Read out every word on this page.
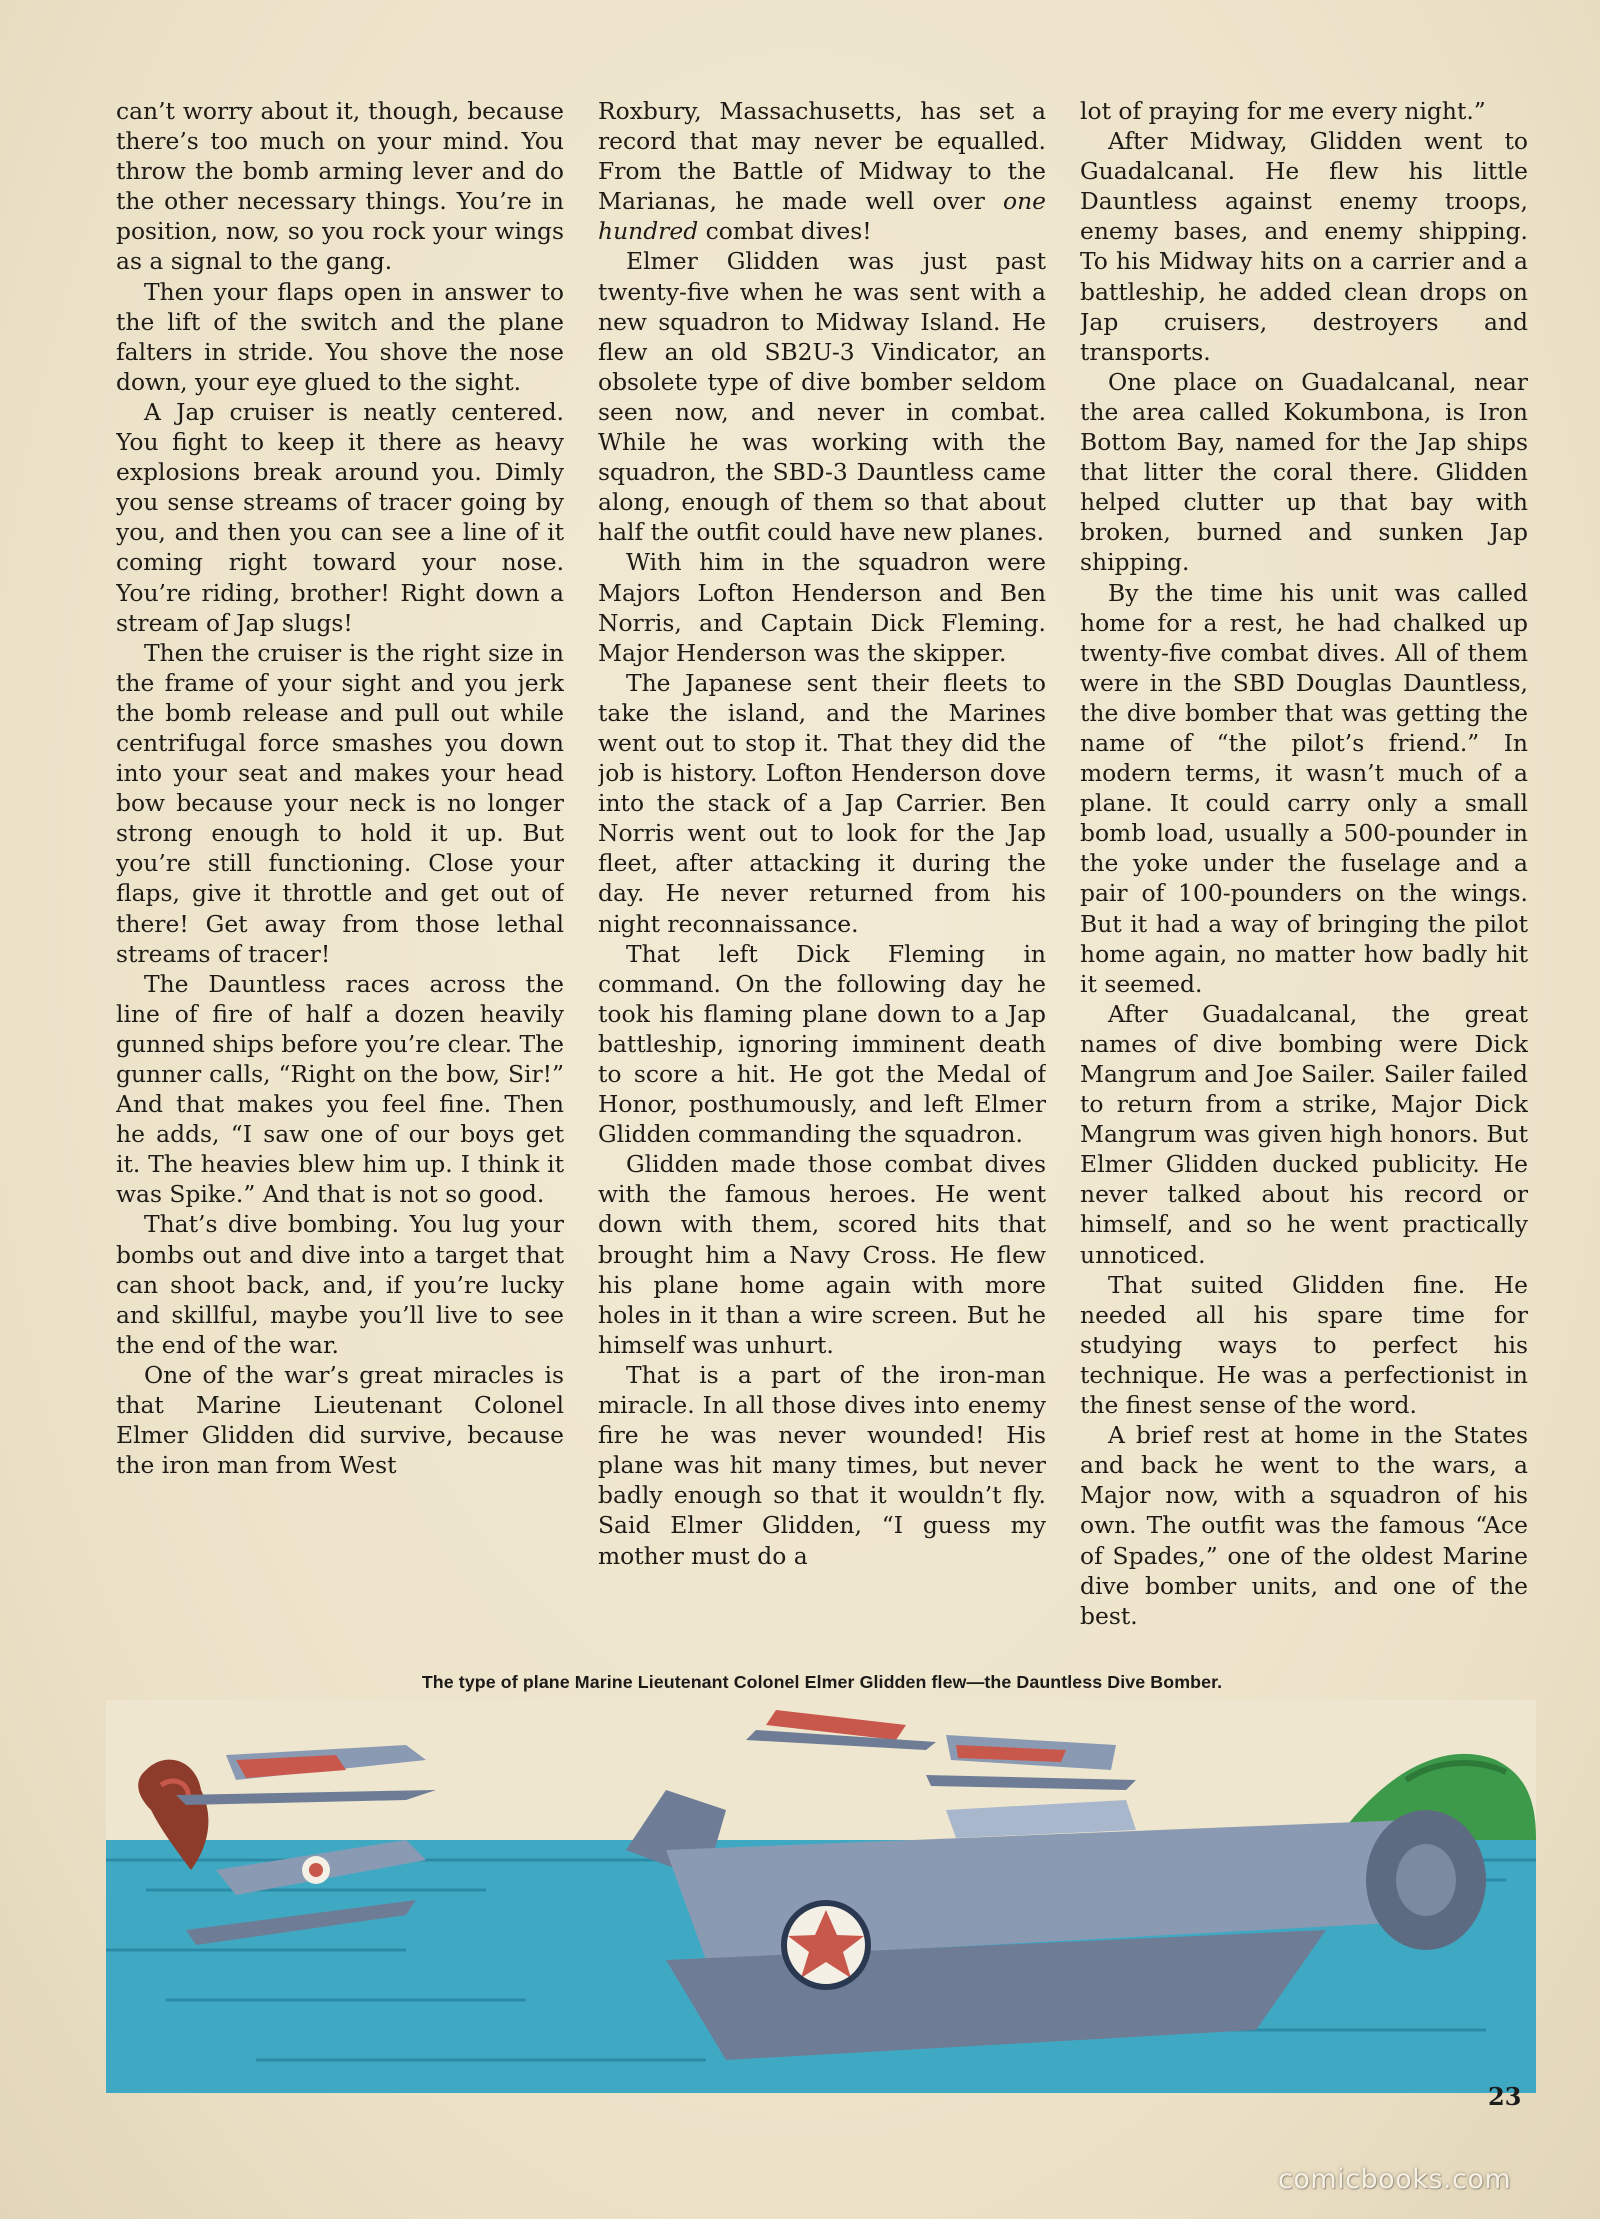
can’t worry about it, though, because there’s too much on your mind. You throw the bomb arming lever and do the other necessary things. You’re in position, now, so you rock your wings as a signal to the gang.

Then your flaps open in answer to the lift of the switch and the plane falters in stride. You shove the nose down, your eye glued to the sight.

A Jap cruiser is neatly centered. You fight to keep it there as heavy explosions break around you. Dimly you sense streams of tracer going by you, and then you can see a line of it coming right toward your nose. You’re riding, brother! Right down a stream of Jap slugs!

Then the cruiser is the right size in the frame of your sight and you jerk the bomb release and pull out while centrifugal force smashes you down into your seat and makes your head bow because your neck is no longer strong enough to hold it up. But you’re still functioning. Close your flaps, give it throttle and get out of there! Get away from those lethal streams of tracer!

The Dauntless races across the line of fire of half a dozen heavily gunned ships before you’re clear. The gunner calls, “Right on the bow, Sir!” And that makes you feel fine. Then he adds, “I saw one of our boys get it. The heavies blew him up. I think it was Spike.” And that is not so good.

That’s dive bombing. You lug your bombs out and dive into a target that can shoot back, and, if you’re lucky and skillful, maybe you’ll live to see the end of the war.

One of the war’s great miracles is that Marine Lieutenant Colonel Elmer Glidden did survive, because the iron man from West

Roxbury, Massachusetts, has set a record that may never be equalled. From the Battle of Midway to the Marianas, he made well over one hundred combat dives!

Elmer Glidden was just past twenty-five when he was sent with a new squadron to Midway Island. He flew an old SB2U-3 Vindicator, an obsolete type of dive bomber seldom seen now, and never in combat. While he was working with the squadron, the SBD-3 Dauntless came along, enough of them so that about half the outfit could have new planes.

With him in the squadron were Majors Lofton Henderson and Ben Norris, and Captain Dick Fleming. Major Henderson was the skipper.

The Japanese sent their fleets to take the island, and the Marines went out to stop it. That they did the job is history. Lofton Henderson dove into the stack of a Jap Carrier. Ben Norris went out to look for the Jap fleet, after attacking it during the day. He never returned from his night reconnaissance.

That left Dick Fleming in command. On the following day he took his flaming plane down to a Jap battleship, ignoring imminent death to score a hit. He got the Medal of Honor, posthumously, and left Elmer Glidden commanding the squadron.

Glidden made those combat dives with the famous heroes. He went down with them, scored hits that brought him a Navy Cross. He flew his plane home again with more holes in it than a wire screen. But he himself was unhurt.

That is a part of the iron-man miracle. In all those dives into enemy fire he was never wounded! His plane was hit many times, but never badly enough so that it wouldn’t fly. Said Elmer Glidden, “I guess my mother must do a

lot of praying for me every night.”

After Midway, Glidden went to Guadalcanal. He flew his little Dauntless against enemy troops, enemy bases, and enemy shipping. To his Midway hits on a carrier and a battleship, he added clean drops on Jap cruisers, destroyers and transports.

One place on Guadalcanal, near the area called Kokumbona, is Iron Bottom Bay, named for the Jap ships that litter the coral there. Glidden helped clutter up that bay with broken, burned and sunken Jap shipping.

By the time his unit was called home for a rest, he had chalked up twenty-five combat dives. All of them were in the SBD Douglas Dauntless, the dive bomber that was getting the name of “the pilot’s friend.” In modern terms, it wasn’t much of a plane. It could carry only a small bomb load, usually a 500-pounder in the yoke under the fuselage and a pair of 100-pounders on the wings. But it had a way of bringing the pilot home again, no matter how badly hit it seemed.

After Guadalcanal, the great names of dive bombing were Dick Mangrum and Joe Sailer. Sailer failed to return from a strike, Major Dick Mangrum was given high honors. But Elmer Glidden ducked publicity. He never talked about his record or himself, and so he went practically unnoticed.

That suited Glidden fine. He needed all his spare time for studying ways to perfect his technique. He was a perfectionist in the finest sense of the word.

A brief rest at home in the States and back he went to the wars, a Major now, with a squadron of his own. The outfit was the famous “Ace of Spades,” one of the oldest Marine dive bomber units, and one of the best.

The type of plane Marine Lieutenant Colonel Elmer Glidden flew—the Dauntless Dive Bomber.
23
comicbooks.com
